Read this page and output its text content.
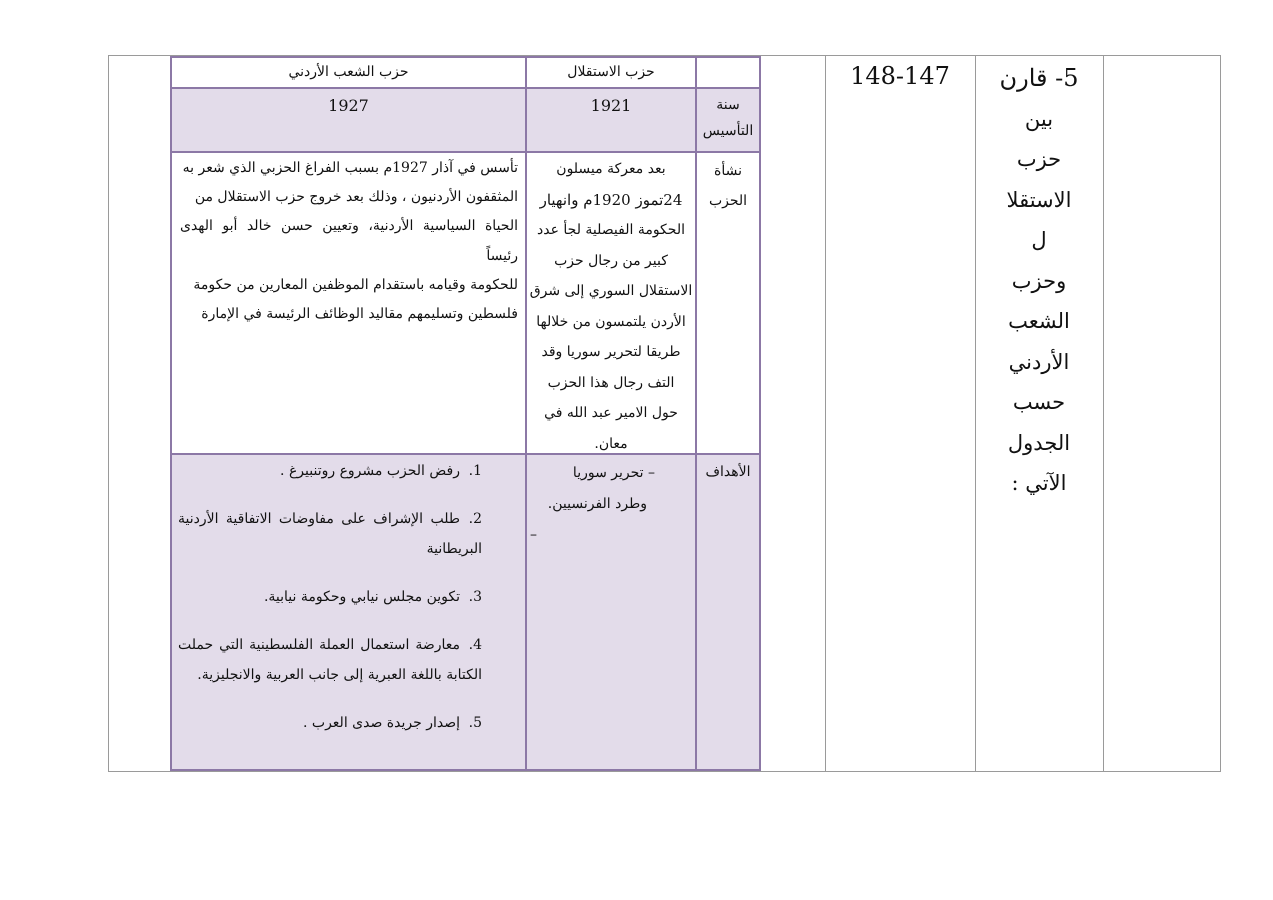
5- قارن
بين
حزب
الاستقلا
ل
وحزب
الشعب
الأردني
حسب
الجدول
الآتي :
148-147
حزب الاستقلال
حزب الشعب الأردني
سنة
التأسيس
1921
1927
نشأة
الحزب
بعد معركة ميسلون
24تموز 1920م وانهيار
الحكومة الفيصلية لجأ عدد
كبير من رجال حزب
الاستقلال السوري إلى شرق
الأردن يلتمسون من خلالها
طريقا لتحرير سوريا وقد
التف رجال هذا الحزب
حول الامير عبد الله في
معان.
تأسس في آذار 1927م بسبب الفراغ الحزبي الذي شعر به
المثقفون الأردنيون ، وذلك بعد خروج حزب الاستقلال من
الحياة السياسية الأردنية، وتعيين حسن خالد أبو الهدى رئيساً
للحكومة وقيامه باستقدام الموظفين المعارين من حكومة
فلسطين وتسليمهم مقاليد الوظائف الرئيسة في الإمارة
الأهداف
– تحرير سوريا
وطرد الفرنسيين.
–
1.رفض الحزب مشروع روتنبيرغ .
2.طلب الإشراف على مفاوضات الاتفاقية الأردنية البريطانية
3.تكوين مجلس نيابي وحكومة نيابية.
4.معارضة استعمال العملة الفلسطينية التي حملت الكتابة باللغة العبرية إلى جانب العربية والانجليزية.
5.إصدار جريدة صدى العرب .
